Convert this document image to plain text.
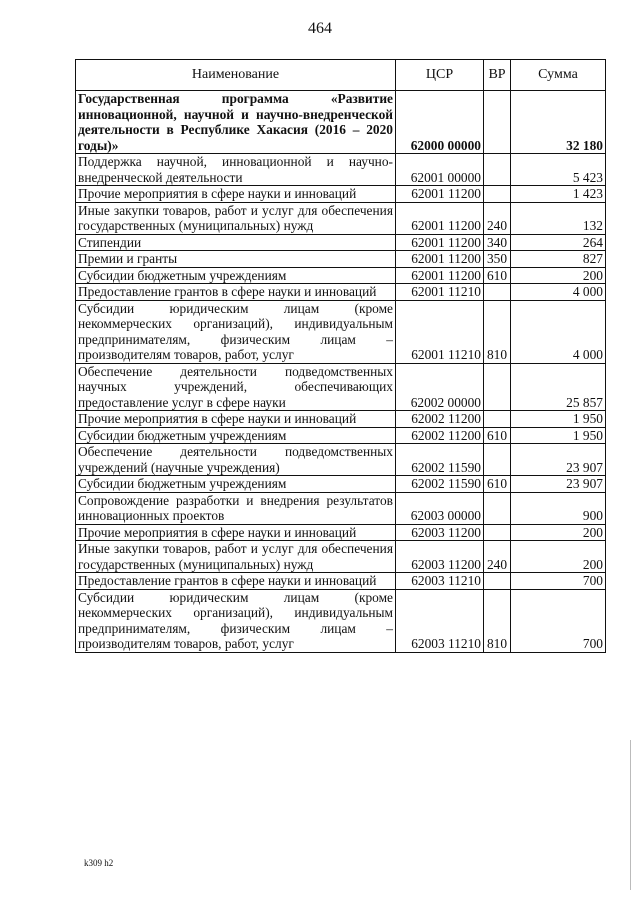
464
Наименование	ЦСР	ВР	Сумма
Государственная программа «Развитие инновационной, научной и научно-внедренческой деятельности в Республике Хакасия (2016 – 2020 годы)»	62000 00000		32 180
Поддержка научной, инновационной и научно-внедренческой деятельности	62001 00000		5 423
Прочие мероприятия в сфере науки и инноваций	62001 11200		1 423
Иные закупки товаров, работ и услуг для обеспечения государственных (муниципальных) нужд	62001 11200	240	132
Стипендии	62001 11200	340	264
Премии и гранты	62001 11200	350	827
Субсидии бюджетным учреждениям	62001 11200	610	200
Предоставление грантов в сфере науки и инноваций	62001 11210		4 000
Субсидии юридическим лицам (кроме некоммерческих организаций), индивидуальным предпринимателям, физическим лицам – производителям товаров, работ, услуг	62001 11210	810	4 000
Обеспечение деятельности подведомственных научных учреждений, обеспечивающих предоставление услуг в сфере науки	62002 00000		25 857
Прочие мероприятия в сфере науки и инноваций	62002 11200		1 950
Субсидии бюджетным учреждениям	62002 11200	610	1 950
Обеспечение деятельности подведомственных учреждений (научные учреждения)	62002 11590		23 907
Субсидии бюджетным учреждениям	62002 11590	610	23 907
Сопровождение разработки и внедрения результатов инновационных проектов	62003 00000		900
Прочие мероприятия в сфере науки и инноваций	62003 11200		200
Иные закупки товаров, работ и услуг для обеспечения государственных (муниципальных) нужд	62003 11200	240	200
Предоставление грантов в сфере науки и инноваций	62003 11210		700
Субсидии юридическим лицам (кроме некоммерческих организаций), индивидуальным предпринимателям, физическим лицам – производителям товаров, работ, услуг	62003 11210	810	700
k309 h2
